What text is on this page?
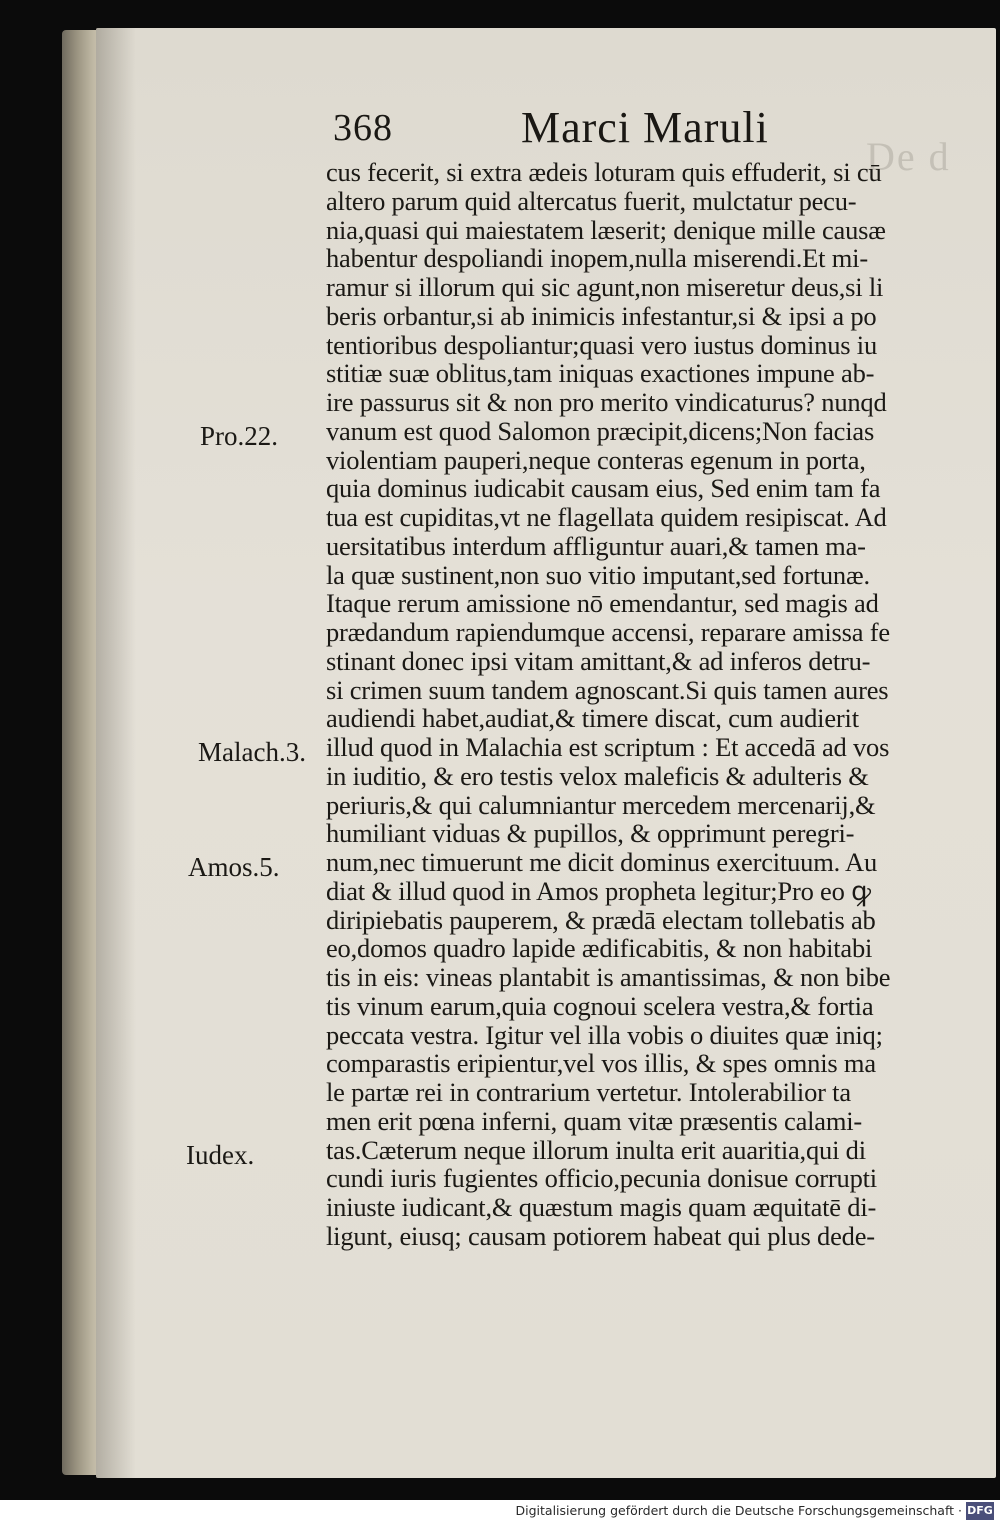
De d
368	Marci Maruli
cus fecerit, si extra ædeis loturam quis effuderit, si cū
altero parum quid altercatus fuerit, mulctatur pecu-
nia,quasi qui maiestatem læserit; denique mille causæ
habentur despoliandi inopem,nulla miserendi.Et mi-
ramur si illorum qui sic agunt,non miseretur deus,si li
beris orbantur,si ab inimicis infestantur,si & ipsi a po
tentioribus despoliantur;quasi vero iustus dominus iu
stitiæ suæ oblitus,tam iniquas exactiones impune ab-
ire passurus sit & non pro merito vindicaturus? nunqd
vanum est quod Salomon præcipit,dicens;Non facias
violentiam pauperi,neque conteras egenum in porta,
quia dominus iudicabit causam eius, Sed enim tam fa
tua est cupiditas,vt ne flagellata quidem resipiscat. Ad
uersitatibus interdum affliguntur auari,& tamen ma-
la quæ sustinent,non suo vitio imputant,sed fortunæ.
Itaque rerum amissione nō emendantur, sed magis ad
prædandum rapiendumque accensi, reparare amissa fe
stinant donec ipsi vitam amittant,& ad inferos detru-
si crimen suum tandem agnoscant.Si quis tamen aures
audiendi habet,audiat,& timere discat, cum audierit
illud quod in Malachia est scriptum : Et accedā ad vos
in iuditio, & ero testis velox maleficis & adulteris &
periuris,& qui calumniantur mercedem mercenarij,&
humiliant viduas & pupillos, & opprimunt peregri-
num,nec timuerunt me dicit dominus exercituum. Au
diat & illud quod in Amos propheta legitur;Pro eo ꝙ
diripiebatis pauperem, & prædā electam tollebatis ab
eo,domos quadro lapide ædificabitis, & non habitabi
tis in eis: vineas plantabit is amantissimas, & non bibe
tis vinum earum,quia cognoui scelera vestra,& fortia
peccata vestra. Igitur vel illa vobis o diuites quæ iniq;
comparastis eripientur,vel vos illis, & spes omnis ma
le partæ rei in contrarium vertetur. Intolerabilior ta
men erit pœna inferni, quam vitæ præsentis calami-
tas.Cæterum neque illorum inulta erit auaritia,qui di
cundi iuris fugientes officio,pecunia donisue corrupti
iniuste iudicant,& quæstum magis quam æquitatē di-
ligunt, eiusq; causam potiorem habeat qui plus dede-
Pro.22.
Malach.3.
Amos.5.
Iudex.
Digitalisierung gefördert durch die Deutsche Forschungsgemeinschaft · DFG
